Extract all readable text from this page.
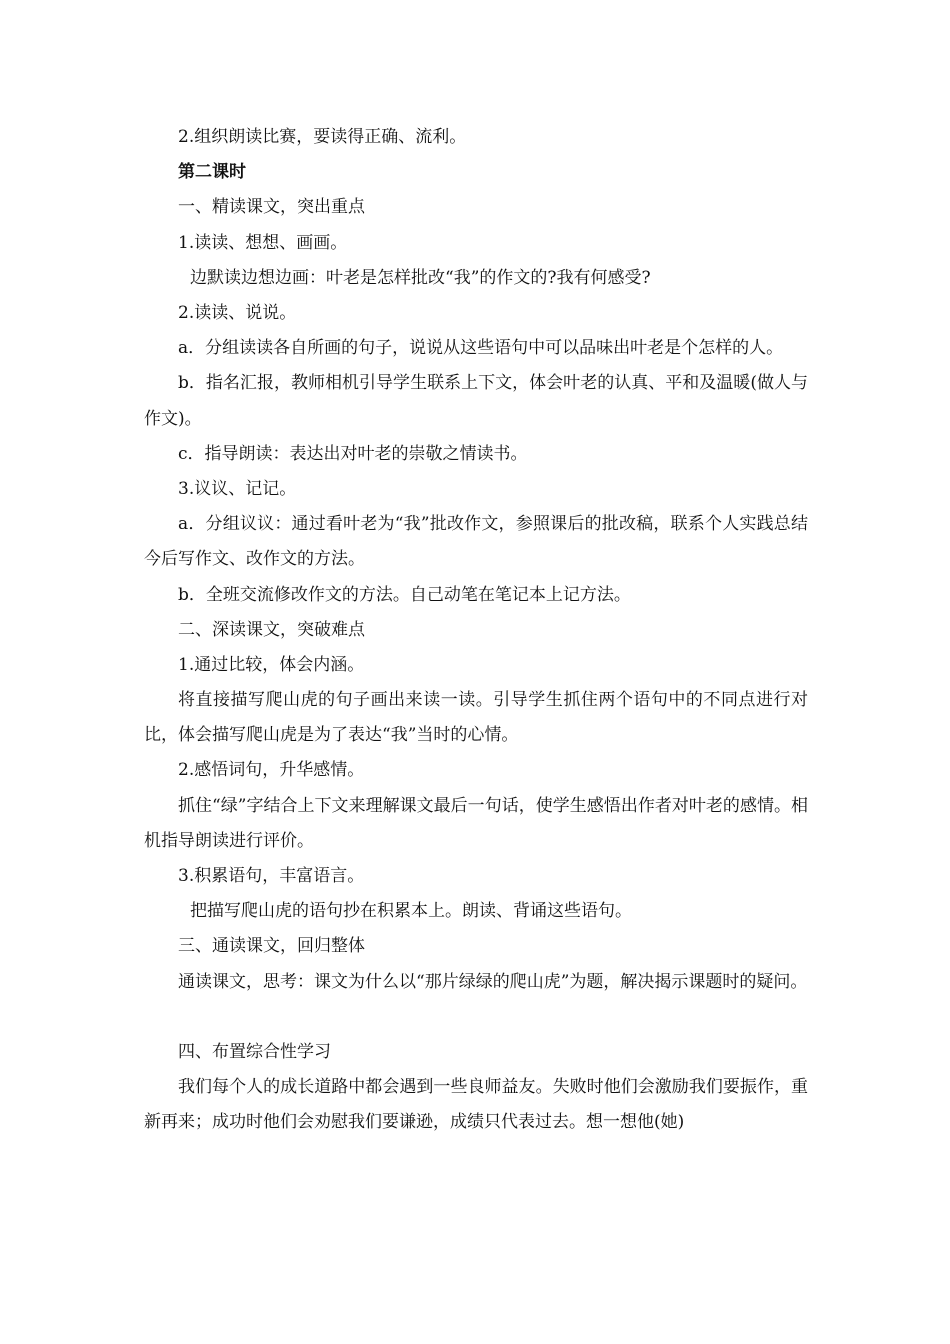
2.组织朗读比赛，要读得正确、流利。
第二课时
一、精读课文，突出重点
1.读读、想想、画画。
边默读边想边画：叶老是怎样批改“我”的作文的?我有何感受?
2.读读、说说。

a．分组读读各自所画的句子，说说从这些语句中可以品味出叶老是个怎样的人。

b．指名汇报，教师相机引导学生联系上下文，体会叶老的认真、平和及温暖(做人与作文)。

c．指导朗读：表达出对叶老的崇敬之情读书。
3.议议、记记。

a．分组议议：通过看叶老为“我”批改作文，参照课后的批改稿，联系个人实践总结今后写作文、改作文的方法。

b．全班交流修改作文的方法。自己动笔在笔记本上记方法。
二、深读课文，突破难点
1.通过比较，体会内涵。

将直接描写爬山虎的句子画出来读一读。引导学生抓住两个语句中的不同点进行对比，体会描写爬山虎是为了表达“我”当时的心情。

2.感悟词句，升华感情。

抓住“绿”字结合上下文来理解课文最后一句话，使学生感悟出作者对叶老的感情。相机指导朗读进行评价。

3.积累语句，丰富语言。
把描写爬山虎的语句抄在积累本上。朗读、背诵这些语句。
三、通读课文，回归整体

通读课文，思考：课文为什么以“那片绿绿的爬山虎”为题，解决揭示课题时的疑问。

四、布置综合性学习

我们每个人的成长道路中都会遇到一些良师益友。失败时他们会激励我们要振作，重新再来；成功时他们会劝慰我们要谦逊，成绩只代表过去。想一想他(她)
